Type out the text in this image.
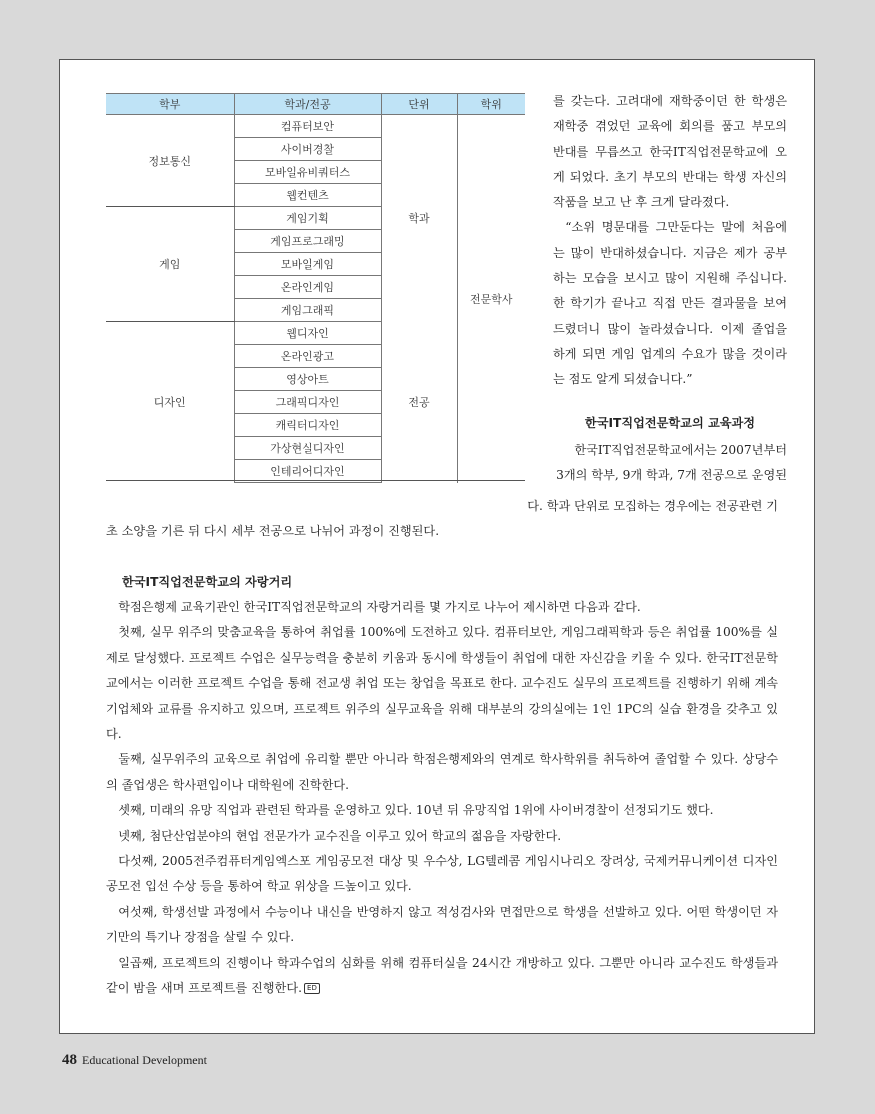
학부	학과/전공	단위	학위
정보통신	컴퓨터보안	학과	전문학사
	사이버경찰		
	모바일유비쿼터스		
	웹컨텐츠		
게임	게임기획		
	게임프로그래밍		
	모바일게임		
	온라인게임		
	게임그래픽		
디자인	웹디자인	전공	
	온라인광고		
	영상아트		
	그래픽디자인		
	캐릭터디자인		
	가상현실디자인		
	인테리어디자인		

를 갖는다. 고려대에 재학중이던 한 학생은 재학중 겪었던 교육에 회의를 품고 부모의 반대를 무릅쓰고 한국IT직업전문학교에 오게 되었다. 초기 부모의 반대는 학생 자신의 작품을 보고 난 후 크게 달라졌다.

“소위 명문대를 그만둔다는 말에 처음에는 많이 반대하셨습니다. 지금은 제가 공부하는 모습을 보시고 많이 지원해 주십니다. 한 학기가 끝나고 직접 만든 결과물을 보여드렸더니 많이 놀라셨습니다. 이제 졸업을 하게 되면 게임 업계의 수요가 많을 것이라는 점도 알게 되셨습니다.”

한국IT직업전문학교의 교육과정

한국IT직업전문학교에서는 2007년부터

3개의 학부, 9개 학과, 7개 전공으로 운영된

다. 학과 단위로 모집하는 경우에는 전공관련 기
초 소양을 기른 뒤 다시 세부 전공으로 나뉘어 과정이 진행된다.
한국IT직업전문학교의 자랑거리

학점은행제 교육기관인 한국IT직업전문학교의 자랑거리를 몇 가지로 나누어 제시하면 다음과 같다.

첫째, 실무 위주의 맞춤교육을 통하여 취업률 100%에 도전하고 있다. 컴퓨터보안, 게임그래픽학과 등은 취업률 100%를 실제로 달성했다. 프로젝트 수업은 실무능력을 충분히 키움과 동시에 학생들이 취업에 대한 자신감을 키울 수 있다. 한국IT전문학교에서는 이러한 프로젝트 수업을 통해 전교생 취업 또는 창업을 목표로 한다. 교수진도 실무의 프로젝트를 진행하기 위해 계속 기업체와 교류를 유지하고 있으며, 프로젝트 위주의 실무교육을 위해 대부분의 강의실에는 1인 1PC의 실습 환경을 갖추고 있다.

둘째, 실무위주의 교육으로 취업에 유리할 뿐만 아니라 학점은행제와의 연계로 학사학위를 취득하여 졸업할 수 있다. 상당수의 졸업생은 학사편입이나 대학원에 진학한다.

셋째, 미래의 유망 직업과 관련된 학과를 운영하고 있다. 10년 뒤 유망직업 1위에 사이버경찰이 선정되기도 했다.

넷째, 첨단산업분야의 현업 전문가가 교수진을 이루고 있어 학교의 젊음을 자랑한다.

다섯째, 2005전주컴퓨터게임엑스포 게임공모전 대상 및 우수상, LG텔레콤 게임시나리오 장려상, 국제커뮤니케이션 디자인공모전 입선 수상 등을 통하여 학교 위상을 드높이고 있다.

여섯째, 학생선발 과정에서 수능이나 내신을 반영하지 않고 적성검사와 면접만으로 학생을 선발하고 있다. 어떤 학생이던 자기만의 특기나 장점을 살릴 수 있다.

일곱째, 프로젝트의 진행이나 학과수업의 심화를 위해 컴퓨터실을 24시간 개방하고 있다. 그뿐만 아니라 교수진도 학생들과 같이 밤을 새며 프로젝트를 진행한다. ED

48 Educational Development
